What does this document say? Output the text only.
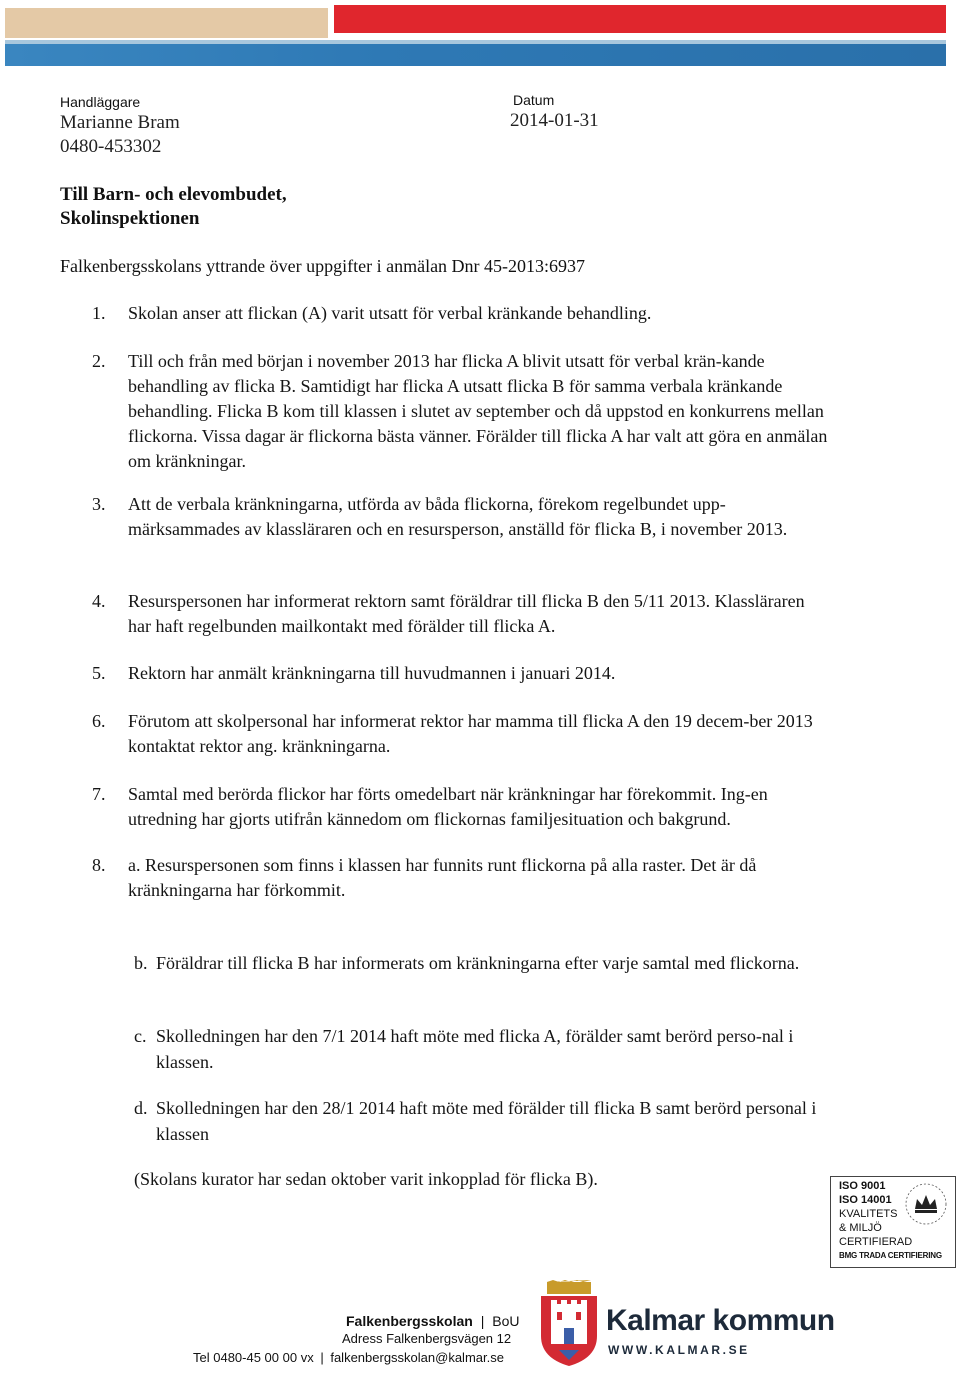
Handläggare
Marianne Bram
0480-453302
Datum
2014-01-31
Till Barn- och elevombudet,
Skolinspektionen
Falkenbergsskolans yttrande över uppgifter i anmälan Dnr 45-2013:6937
1.	Skolan anser att flickan (A) varit utsatt för verbal kränkande behandling.
2.	Till och från med början i november 2013 har flicka A blivit utsatt för verbal krän-kande behandling av flicka B. Samtidigt har flicka A utsatt flicka B för samma verbala kränkande behandling. Flicka B kom till klassen i slutet av september och då uppstod en konkurrens mellan flickorna. Vissa dagar är flickorna bästa vänner. Förälder till flicka A har valt att göra en anmälan om kränkningar.
3.	Att de verbala kränkningarna, utförda av båda flickorna, förekom regelbundet upp-märksammades av klassläraren och en resursperson, anställd för flicka B, i november 2013.
4.	Resurspersonen har informerat rektorn samt föräldrar till flicka B den 5/11 2013. Klassläraren har haft regelbunden mailkontakt med förälder till flicka A.
5.	Rektorn har anmält kränkningarna till huvudmannen i januari 2014.
6.	Förutom att skolpersonal har informerat rektor har mamma till flicka A den 19 decem-ber 2013 kontaktat rektor ang. kränkningarna.
7.	Samtal med berörda flickor har förts omedelbart när kränkningar har förekommit. Ing-en utredning har gjorts utifrån kännedom om flickornas familjesituation och bakgrund.
8.	a. Resurspersonen som finns i klassen har funnits runt flickorna på alla raster. Det är då kränkningarna har förkommit.
b. Föräldrar till flicka B har informerats om kränkningarna efter varje samtal med flickorna.
c. Skolledningen har den 7/1 2014 haft möte med flicka A, förälder samt berörd perso-nal i klassen.
d. Skolledningen har den 28/1 2014 haft möte med förälder till flicka B samt berörd personal i klassen
(Skolans kurator har sedan oktober varit inkopplad för flicka B).	ISO 9001
ISO 14001
KVALITETS
& MILJÖ
CERTIFIERAD
BMG TRADA CERTIFIERING
Falkenbergsskolan | BoU
Adress Falkenbergsvägen 12
Tel 0480-45 00 00 vx | falkenbergsskolan@kalmar.se
Kalmar kommun
WWW.KALMAR.SE
